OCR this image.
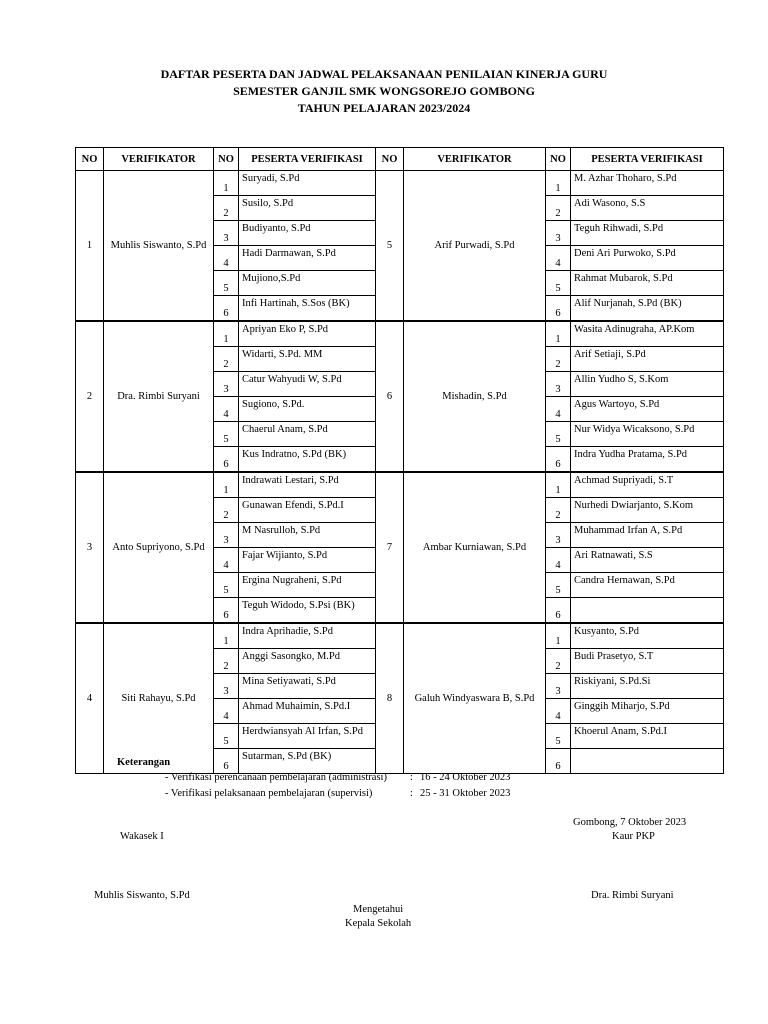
DAFTAR PESERTA DAN JADWAL PELAKSANAAN PENILAIAN KINERJA GURU
SEMESTER GANJIL SMK WONGSOREJO GOMBONG
TAHUN PELAJARAN 2023/2024
NO	VERIFIKATOR	NO	PESERTA VERIFIKASI	NO	VERIFIKATOR	NO	PESERTA VERIFIKASI
1	Muhlis Siswanto, S.Pd	1	Suryadi, S.Pd	5	Arif Purwadi, S.Pd	1	M. Azhar Thoharo, S.Pd
		2	Susilo, S.Pd			2	Adi Wasono, S.S
		3	Budiyanto, S.Pd			3	Teguh Rihwadi, S.Pd
		4	Hadi Darmawan, S.Pd			4	Deni Ari Purwoko, S.Pd
		5	Mujiono,S.Pd			5	Rahmat Mubarok, S.Pd
		6	Infi Hartinah, S.Sos (BK)			6	Alif Nurjanah, S.Pd (BK)
2	Dra. Rimbi Suryani	1	Apriyan Eko P, S.Pd	6	Mishadin, S.Pd	1	Wasita Adinugraha, AP.Kom
		2	Widarti, S.Pd. MM			2	Arif Setiaji, S.Pd
		3	Catur Wahyudi W, S.Pd			3	Allin Yudho S, S.Kom
		4	Sugiono, S.Pd.			4	Agus Wartoyo, S.Pd
		5	Chaerul Anam, S.Pd			5	Nur Widya Wicaksono, S.Pd
		6	Kus Indratno, S.Pd (BK)			6	Indra Yudha Pratama, S.Pd
3	Anto Supriyono, S.Pd	1	Indrawati Lestari, S.Pd	7	Ambar Kurniawan, S.Pd	1	Achmad Supriyadi, S.T
		2	Gunawan Efendi, S.Pd.I			2	Nurhedi Dwiarjanto, S.Kom
		3	M Nasrulloh, S.Pd			3	Muhammad Irfan A, S.Pd
		4	Fajar Wijianto, S.Pd			4	Ari Ratnawati, S.S
		5	Ergina Nugraheni, S.Pd			5	Candra Hernawan, S.Pd
		6	Teguh Widodo, S.Psi (BK)			6	
4	Siti Rahayu, S.Pd	1	Indra Aprihadie, S.Pd	8	Galuh Windyaswara B, S.Pd	1	Kusyanto, S.Pd
		2	Anggi Sasongko, M.Pd			2	Budi Prasetyo, S.T
		3	Mina Setiyawati, S.Pd			3	Riskiyani, S.Pd.Si
		4	Ahmad Muhaimin, S.Pd.I			4	Ginggih Miharjo, S.Pd
		5	Herdwiansyah Al Irfan, S.Pd			5	Khoerul Anam, S.Pd.I
		6	Sutarman, S.Pd (BK)			6	
Keterangan
- Verifikasi perencanaan pembelajaran (administrasi) : 16 - 24 Oktober 2023
- Verifikasi pelaksanaan pembelajaran (supervisi)	: 25 - 31 Oktober 2023
Gombong, 7 Oktober 2023
Wakasek I	Kaur PKP
Muhlis Siswanto, S.Pd	Dra. Rimbi Suryani
Mengetahui
Kepala Sekolah
